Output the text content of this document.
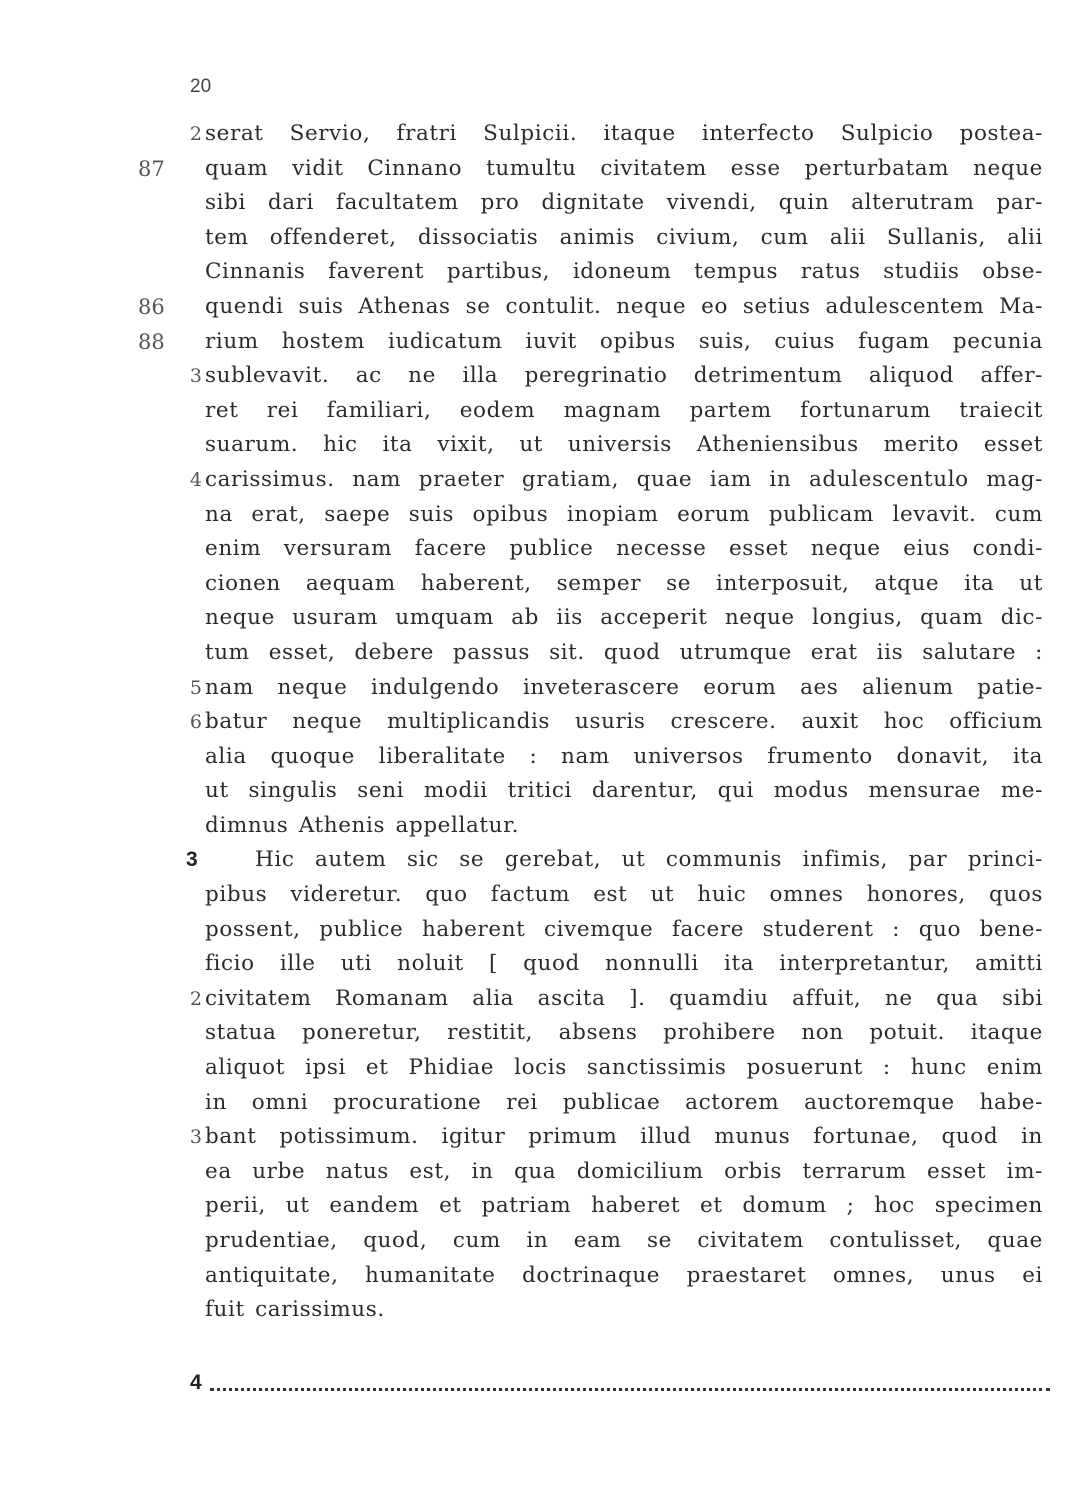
20
2 serat Servio, fratri Sulpicii. itaque interfecto Sulpicio postea-
87	quam vidit Cinnano tumultu civitatem esse perturbatam neque
sibi dari facultatem pro dignitate vivendi, quin alterutram par-
tem offenderet, dissociatis animis civium, cum alii Sullanis, alii
Cinnanis faverent partibus, idoneum tempus ratus studiis obse-
86	quendi suis Athenas se contulit. neque eo setius adulescentem Ma-
88	rium hostem iudicatum iuvit opibus suis, cuius fugam pecunia
3 sublevavit. ac ne illa peregrinatio detrimentum aliquod affer-
ret rei familiari, eodem magnam partem fortunarum traiecit
suarum. hic ita vixit, ut universis Atheniensibus merito esset
4 carissimus. nam praeter gratiam, quae iam in adulescentulo mag-
na erat, saepe suis opibus inopiam eorum publicam levavit. cum
enim versuram facere publice necesse esset neque eius condi-
cionen aequam haberent, semper se interposuit, atque ita ut
neque usuram umquam ab iis acceperit neque longius, quam dic-
tum esset, debere passus sit. quod utrumque erat iis salutare :
5 nam neque indulgendo inveterascere eorum aes alienum patie-
6 batur neque multiplicandis usuris crescere. auxit hoc officium
alia quoque liberalitate : nam universos frumento donavit, ita
ut singulis seni modii tritici darentur, qui modus mensurae me-
dimnus Athenis appellatur.
3	Hic autem sic se gerebat, ut communis infimis, par princi-
pibus videretur. quo factum est ut huic omnes honores, quos
possent, publice haberent civemque facere studerent : quo bene-
ficio ille uti noluit [ quod nonnulli ita interpretantur, amitti
2 civitatem Romanam alia ascita ]. quamdiu affuit, ne qua sibi
statua poneretur, restitit, absens prohibere non potuit. itaque
aliquot ipsi et Phidiae locis sanctissimis posuerunt : hunc enim
in omni procuratione rei publicae actorem auctoremque habe-
3 bant potissimum. igitur primum illud munus fortunae, quod in
ea urbe natus est, in qua domicilium orbis terrarum esset im-
perii, ut eandem et patriam haberet et domum ; hoc specimen
prudentiae, quod, cum in eam se civitatem contulisset, quae
antiquitate, humanitate doctrinaque praestaret omnes, unus ei
fuit carissimus.
4
